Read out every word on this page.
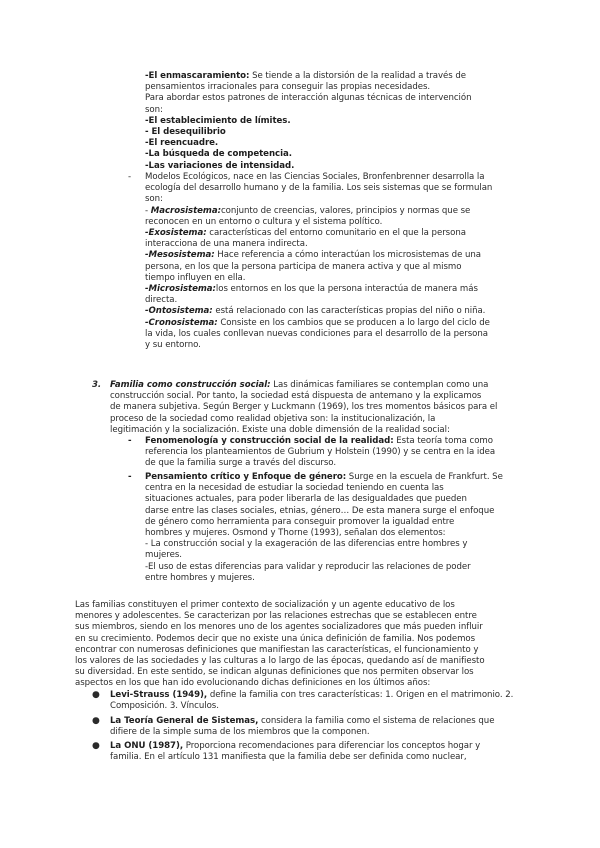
-El enmascaramiento: Se tiende a la distorsión de la realidad a través de
pensamientos irracionales para conseguir las propias necesidades.
Para abordar estos patrones de interacción algunas técnicas de intervención
son:
-El establecimiento de límites.
- El desequilibrio
-El reencuadre.
-La búsqueda de competencia.
-Las variaciones de intensidad.
- Modelos Ecológicos, nace en las Ciencias Sociales, Bronfenbrenner desarrolla la
ecología del desarrollo humano y de la familia. Los seis sistemas que se formulan
son:
- Macrosistema:conjunto de creencias, valores, principios y normas que se
reconocen en un entorno o cultura y el sistema político.
-Exosistema: características del entorno comunitario en el que la persona
interacciona de una manera indirecta.
-Mesosistema: Hace referencia a cómo interactúan los microsistemas de una
persona, en los que la persona participa de manera activa y que al mismo
tiempo influyen en ella.
-Microsistema:los entornos en los que la persona interactúa de manera más
directa.
-Ontosistema: está relacionado con las características propias del niño o niña.
-Cronosistema: Consiste en los cambios que se producen a lo largo del ciclo de
la vida, los cuales conllevan nuevas condiciones para el desarrollo de la persona
y su entorno.
3. Familia como construcción social: Las dinámicas familiares se contemplan como una
construcción social. Por tanto, la sociedad está dispuesta de antemano y la explicamos
de manera subjetiva. Según Berger y Luckmann (1969), los tres momentos básicos para el
proceso de la sociedad como realidad objetiva son: la institucionalización, la
legitimación y la socialización. Existe una doble dimensión de la realidad social:
- Fenomenología y construcción social de la realidad: Esta teoría toma como
referencia los planteamientos de Gubrium y Holstein (1990) y se centra en la idea
de que la familia surge a través del discurso.
- Pensamiento crítico y Enfoque de género: Surge en la escuela de Frankfurt. Se
centra en la necesidad de estudiar la sociedad teniendo en cuenta las
situaciones actuales, para poder liberarla de las desigualdades que pueden
darse entre las clases sociales, etnias, género… De esta manera surge el enfoque
de género como herramienta para conseguir promover la igualdad entre
hombres y mujeres. Osmond y Thorne (1993), señalan dos elementos:
- La construcción social y la exageración de las diferencias entre hombres y
mujeres.
-El uso de estas diferencias para validar y reproducir las relaciones de poder
entre hombres y mujeres.
Las familias constituyen el primer contexto de socialización y un agente educativo de los
menores y adolescentes. Se caracterizan por las relaciones estrechas que se establecen entre
sus miembros, siendo en los menores uno de los agentes socializadores que más pueden influir
en su crecimiento. Podemos decir que no existe una única definición de familia. Nos podemos
encontrar con numerosas definiciones que manifiestan las características, el funcionamiento y
los valores de las sociedades y las culturas a lo largo de las épocas, quedando así de manifiesto
su diversidad. En este sentido, se indican algunas definiciones que nos permiten observar los
aspectos en los que han ido evolucionando dichas definiciones en los últimos años:
● Levi-Strauss (1949), define la familia con tres características: 1. Origen en el matrimonio. 2.
Composición. 3. Vínculos.
● La Teoría General de Sistemas, considera la familia como el sistema de relaciones que
difiere de la simple suma de los miembros que la componen.
● La ONU (1987), Proporciona recomendaciones para diferenciar los conceptos hogar y
familia. En el artículo 131 manifiesta que la familia debe ser definida como nuclear,
